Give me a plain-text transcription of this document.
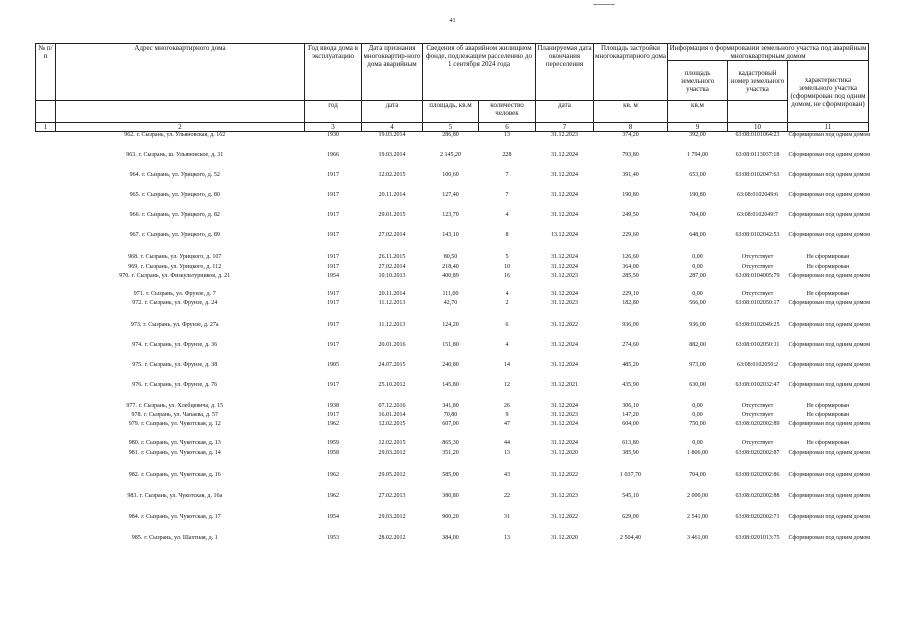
41
№ п/п	Адрес многоквартирного дома	Год ввода дома в эксплуатацию	Дата признания многоквартир-ного дома аварийным	Сведения об аварийном жилищном фонде, подлежащем расселению до 1 сентября 2024 года		Планируемая дата окончания переселения	Площадь застройки многоквартирного дома	Информация о формировании земельного участка под аварийным многоквартирным домом		
								площадь земельного участка	кадастровый номер земельного участка	характеристика земельного участка (сформирован под одним домом, не сформирован)
		год	дата	площадь, кв.м	количество человек	дата	кв. м	кв.м		
1	2	3	4	5	6	7	8	9	10	11
962. г. Сызрань, ул. Ульяновская, д. 162		1930	19.03.2014	286,80	13	31.12.2023	374,20	392,00	63:08:0101064:23	Сформирован под одним домом
963. г. Сызрань, ш. Ульяновское, д. 31		1966	19.03.2014	2 145,20	228	31.12.2024	793,80	1 794,00	63:08:0113037:18	Сформирован под одним домом
964. г. Сызрань, ул. Урицкого, д. 52		1917	12.02.2015	100,60	7	31.12.2024	391,40	653,00	63:08:0102047:63	Сформирован под одним домом
965. г. Сызрань, ул. Урицкого, д. 80		1917	20.11.2014	127,40	7	31.12.2024	190,80	190,80	63:08:0102049:6	Сформирован под одним домом
966. г. Сызрань, ул. Урицкого, д. 82		1917	29.01.2015	123,70	4	31.12.2024	249,50	704,00	63:08:0102049:7	Сформирован под одним домом
967. г. Сызрань, ул. Урицкого, д. 89		1917	27.02.2014	143,10	8	13.12.2024	229,60	648,00	63:08:0102042:53	Сформирован под одним домом
968. г. Сызрань, ул. Урицкого, д. 107		1917	26.11.2015	80,50	5	31.12.2024	126,60	0,00	Отсутствует	Не сформирован
969. г. Сызрань, ул. Урицкого, д. 112		1917	27.02.2014	218,40	10	31.12.2024	364,00	0,00	Отсутствует	Не сформирован
970. г. Сызрань, ул. Физкультурников, д. 21		1954	10.10.2013	400,89	16	31.12.2023	285,50	287,00	63:08:0104005:79	Сформирован под одним домом
971. г. Сызрань, ул. Фрунзе, д. 7		1917	20.11.2014	111,00	4	31.12.2024	229,10	0,00	Отсутствует	Не сформирован
972. г. Сызрань, ул. Фрунзе, д. 24		1917	11.12.2013	42,70	2	31.12.2023	182,80	566,00	63:08:0102050:17	Сформирован под одним домом
973. г. Сызрань, ул. Фрунзе, д. 27а		1917	11.12.2013	124,20	6	31.12.2022	936,00	936,00	63:08:0102049:25	Сформирован под одним домом
974. г. Сызрань, ул. Фрунзе, д. 36		1917	20.01.2016	151,80	4	31.12.2024	274,60	882,00	63:08:0102050:11	Сформирован под одним домом
975. г. Сызрань, ул. Фрунзе, д. 38		1905	24.07.2015	240,80	14	31.12.2024	485,20	973,00	63:08:0102050:2	Сформирован под одним домом
976. г. Сызрань, ул. Фрунзе, д. 76		1917	25.10.2012	145,80	12	31.12.2021	435,90	630,00	63:08:0102032:47	Сформирован под одним домом
977. г. Сызрань, ул. Хлебцевича, д. 15		1938	07.12.2016	341,80	26	31.12.2024	306,10	0,00	Отсутствует	Не сформирован
978. г. Сызрань, ул. Чапаева, д. 57		1917	16.01.2014	70,80	9	31.12.2023	147,20	0,00	Отсутствует	Не сформирован
979. г. Сызрань, ул. Чукотская, д. 12		1962	12.02.2015	607,00	47	31.12.2024	604,00	750,00	63:08:0202002:89	Сформирован под одним домом
980. г. Сызрань, ул. Чукотская, д. 13		1959	12.02.2015	865,30	44	31.12.2024	613,80	0,00	Отсутствует	Не сформирован
981. г. Сызрань, ул. Чукотская, д. 14		1958	29.03.2012	351,20	13	31.12.2020	385,90	1 806,00	63:08:0202002:87	Сформирован под одним домом
982. г. Сызрань, ул. Чукотская, д. 16		1962	29.05.2012	585,00	43	31.12.2022	1 037,70	704,00	63:08:0202002:86	Сформирован под одним домом
983. г. Сызрань, ул. Чукотская, д. 16а		1962	27.02.2013	380,80	22	31.12.2023	545,10	2 000,00	63:08:0202002:88	Сформирован под одним домом
984. г. Сызрань, ул. Чукотская, д. 17		1954	29.03.2012	900,20	31	31.12.2022	629,00	2 541,00	63:08:0202002:71	Сформирован под одним домом
985. г. Сызрань, ул. Шахтная, д. 1		1953	28.02.2012	384,00	13	31.12.2020	2 504,40	3 461,00	63:08:0201013:75	Сформирован под одним домом
